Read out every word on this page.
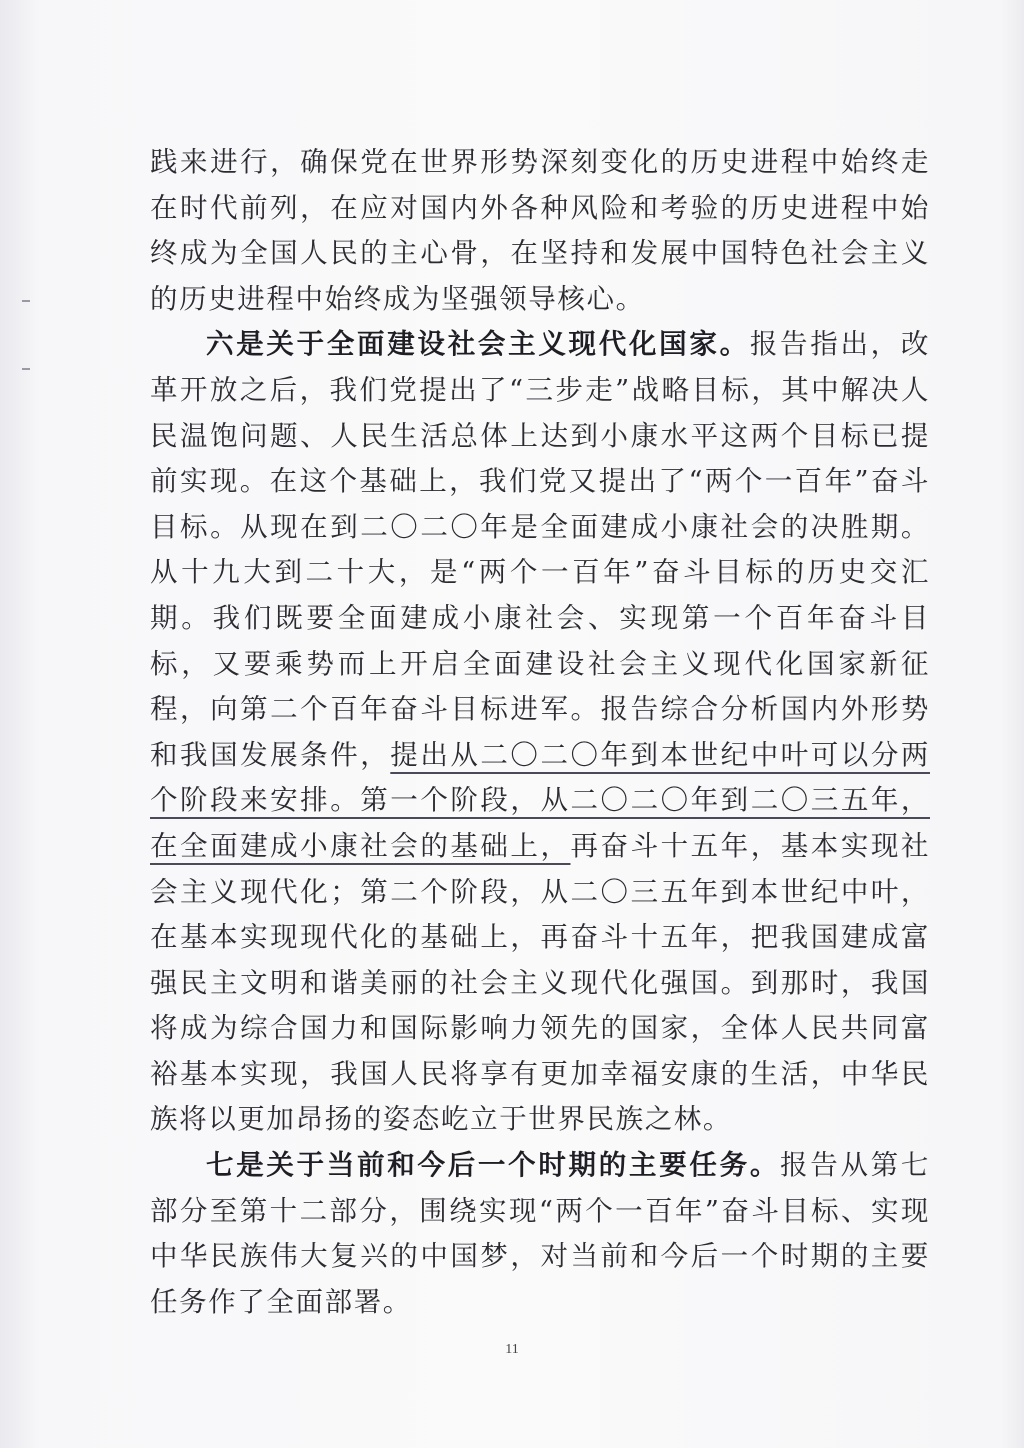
践来进行，确保党在世界形势深刻变化的历史进程中始终走在时代前列，在应对国内外各种风险和考验的历史进程中始终成为全国人民的主心骨，在坚持和发展中国特色社会主义的历史进程中始终成为坚强领导核心。

六是关于全面建设社会主义现代化国家。报告指出，改革开放之后，我们党提出了“三步走”战略目标，其中解决人民温饱问题、人民生活总体上达到小康水平这两个目标已提前实现。在这个基础上，我们党又提出了“两个一百年”奋斗目标。从现在到二〇二〇年是全面建成小康社会的决胜期。从十九大到二十大，是“两个一百年”奋斗目标的历史交汇期。我们既要全面建成小康社会、实现第一个百年奋斗目标，又要乘势而上开启全面建设社会主义现代化国家新征程，向第二个百年奋斗目标进军。报告综合分析国内外形势和我国发展条件，提出从二〇二〇年到本世纪中叶可以分两个阶段来安排。第一个阶段，从二〇二〇年到二〇三五年，在全面建成小康社会的基础上，再奋斗十五年，基本实现社会主义现代化；第二个阶段，从二〇三五年到本世纪中叶，在基本实现现代化的基础上，再奋斗十五年，把我国建成富强民主文明和谐美丽的社会主义现代化强国。到那时，我国将成为综合国力和国际影响力领先的国家，全体人民共同富裕基本实现，我国人民将享有更加幸福安康的生活，中华民族将以更加昂扬的姿态屹立于世界民族之林。

七是关于当前和今后一个时期的主要任务。报告从第七部分至第十二部分，围绕实现“两个一百年”奋斗目标、实现中华民族伟大复兴的中国梦，对当前和今后一个时期的主要任务作了全面部署。

11
